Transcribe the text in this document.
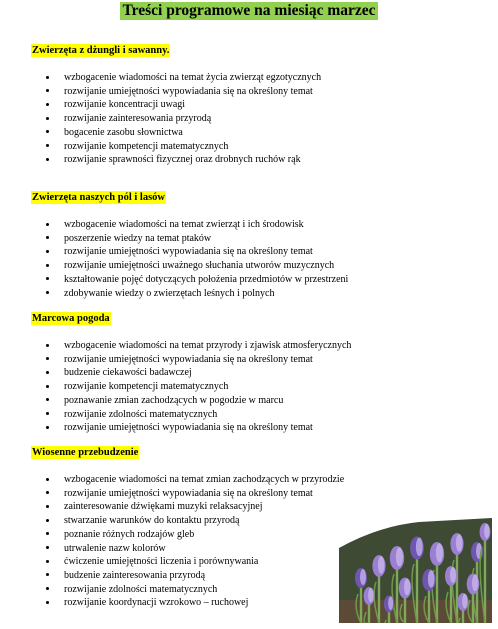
Treści programowe na miesiąc marzec
Zwierzęta z dżungli i sawanny.
wzbogacenie wiadomości na temat życia zwierząt egzotycznych
rozwijanie umiejętności wypowiadania się na określony temat
rozwijanie koncentracji uwagi
rozwijanie zainteresowania przyrodą
bogacenie zasobu słownictwa
rozwijanie kompetencji matematycznych
rozwijanie sprawności fizycznej oraz drobnych ruchów rąk
Zwierzęta naszych pól i lasów
wzbogacenie wiadomości na temat zwierząt i ich środowisk
poszerzenie wiedzy na temat ptaków
rozwijanie umiejętności wypowiadania się na określony temat
rozwijanie umiejętności uważnego słuchania utworów muzycznych
kształtowanie pojęć dotyczących położenia przedmiotów w przestrzeni
zdobywanie wiedzy o zwierzętach leśnych i polnych
Marcowa pogoda
wzbogacenie wiadomości na temat przyrody i zjawisk atmosferycznych
rozwijanie umiejętności wypowiadania się na określony temat
budzenie ciekawości badawczej
rozwijanie kompetencji matematycznych
poznawanie zmian zachodzących w pogodzie w marcu
rozwijanie zdolności matematycznych
rozwijanie umiejętności wypowiadania się na określony temat
Wiosenne przebudzenie
wzbogacenie wiadomości na temat zmian zachodzących w przyrodzie
rozwijanie umiejętności wypowiadania się na określony temat
zainteresowanie dźwiękami muzyki relaksacyjnej
stwarzanie warunków do kontaktu przyrodą
poznanie różnych rodzajów gleb
utrwalenie nazw kolorów
ćwiczenie umiejętności liczenia i porównywania
budzenie zainteresowania przyrodą
rozwijanie zdolności matematycznych
rozwijanie koordynacji wzrokowo – ruchowej
